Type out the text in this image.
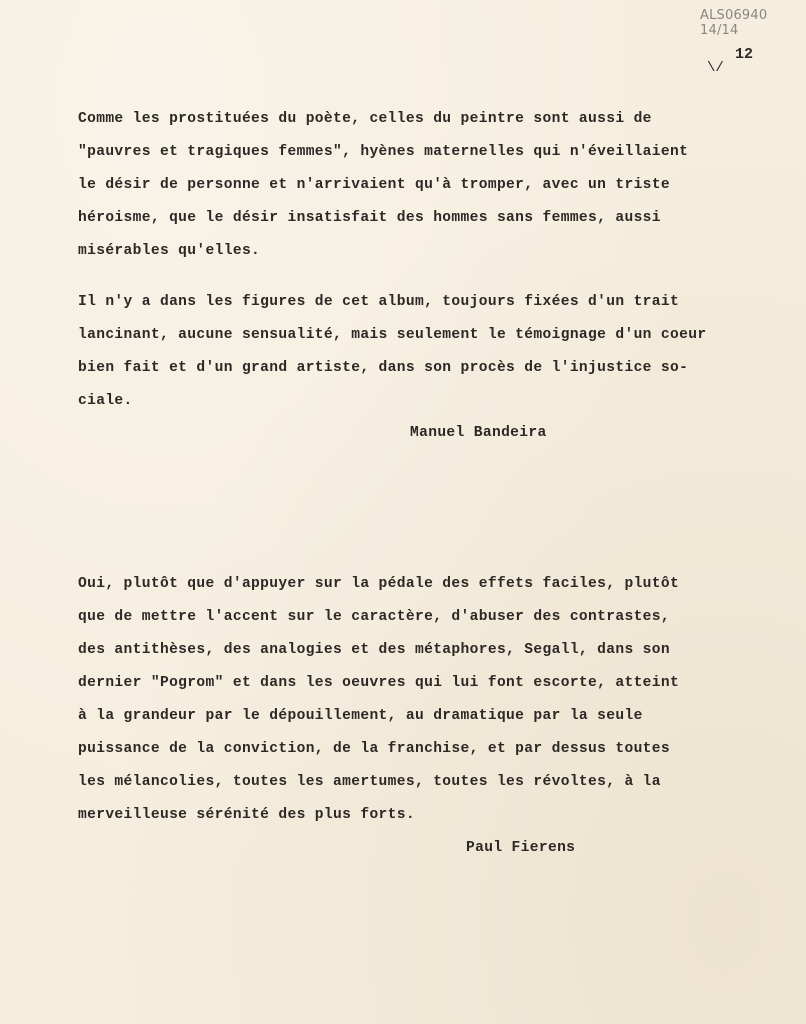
ALS06940 14/14
12
\/

Comme les prostituées du poète, celles du peintre sont aussi de
"pauvres et tragiques femmes", hyènes maternelles qui n'éveillaient
le désir de personne et n'arrivaient qu'à tromper, avec un triste
héroisme, que le désir insatisfait des hommes sans femmes, aussi
misérables qu'elles.

Il n'y a dans les figures de cet album, toujours fixées d'un trait
lancinant, aucune sensualité, mais seulement le témoignage d'un coeur
bien fait et d'un grand artiste, dans son procès de l'injustice so-
ciale.

Manuel Bandeira

Oui, plutôt que d'appuyer sur la pédale des effets faciles, plutôt
que de mettre l'accent sur le caractère, d'abuser des contrastes,
des antithèses, des analogies et des métaphores, Segall, dans son
dernier "Pogrom" et dans les oeuvres qui lui font escorte, atteint
à la grandeur par le dépouillement, au dramatique par la seule
puissance de la conviction, de la franchise, et par dessus toutes
les mélancolies, toutes les amertumes, toutes les révoltes, à la
merveilleuse sérénité des plus forts.

Paul Fierens
